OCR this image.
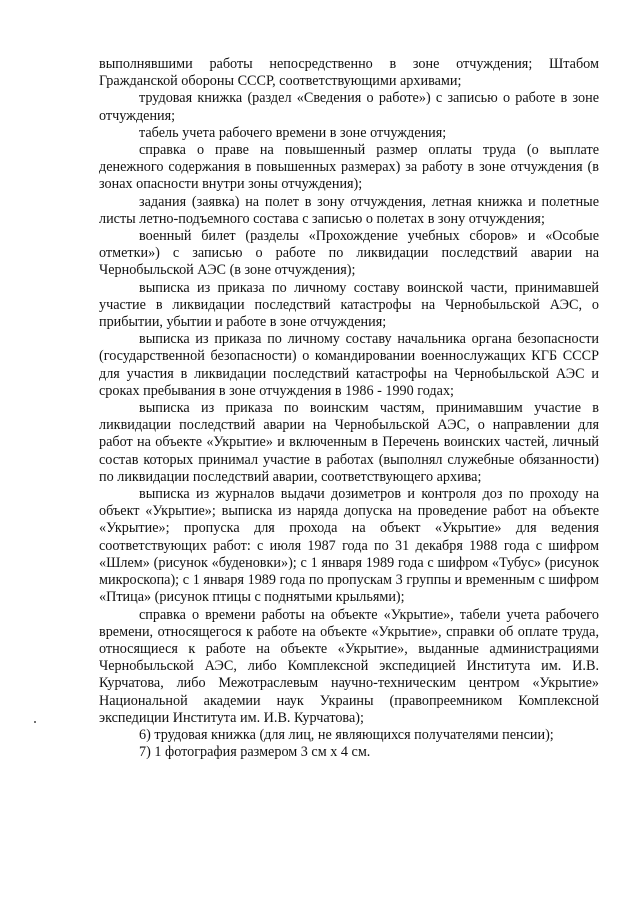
выполнявшими работы непосредственно в зоне отчуждения; Штабом Гражданской обороны СССР, соответствующими архивами;

трудовая книжка (раздел «Сведения о работе») с записью о работе в зоне отчуждения;

табель учета рабочего времени в зоне отчуждения;

справка о праве на повышенный размер оплаты труда (о выплате денежного содержания в повышенных размерах) за работу в зоне отчуждения (в зонах опасности внутри зоны отчуждения);

задания (заявка) на полет в зону отчуждения, летная книжка и полетные листы летно-подъемного состава с записью о полетах в зону отчуждения;

военный билет (разделы «Прохождение учебных сборов» и «Особые отметки») с записью о работе по ликвидации последствий аварии на Чернобыльской АЭС (в зоне отчуждения);

выписка из приказа по личному составу воинской части, принимавшей участие в ликвидации последствий катастрофы на Чернобыльской АЭС, о прибытии, убытии и работе в зоне отчуждения;

выписка из приказа по личному составу начальника органа безопасности (государственной безопасности) о командировании военнослужащих КГБ СССР для участия в ликвидации последствий катастрофы на Чернобыльской АЭС и сроках пребывания в зоне отчуждения в 1986 - 1990 годах;

выписка из приказа по воинским частям, принимавшим участие в ликвидации последствий аварии на Чернобыльской АЭС, о направлении для работ на объекте «Укрытие» и включенным в Перечень воинских частей, личный состав которых принимал участие в работах (выполнял служебные обязанности) по ликвидации последствий аварии, соответствующего архива;

выписка из журналов выдачи дозиметров и контроля доз по проходу на объект «Укрытие»; выписка из наряда допуска на проведение работ на объекте «Укрытие»; пропуска для прохода на объект «Укрытие» для ведения соответствующих работ: с июля 1987 года по 31 декабря 1988 года с шифром «Шлем» (рисунок «буденовки»); с 1 января 1989 года с шифром «Тубус» (рисунок микроскопа); с 1 января 1989 года по пропускам 3 группы и временным с шифром «Птица» (рисунок птицы с поднятыми крыльями);

справка о времени работы на объекте «Укрытие», табели учета рабочего времени, относящегося к работе на объекте «Укрытие», справки об оплате труда, относящиеся к работе на объекте «Укрытие», выданные администрациями Чернобыльской АЭС, либо Комплексной экспедицией Института им. И.В. Курчатова, либо Межотраслевым научно-техническим центром «Укрытие» Национальной академии наук Украины (правопреемником Комплексной экспедиции Института им. И.В. Курчатова);

6) трудовая книжка (для лиц, не являющихся получателями пенсии);

7) 1 фотография размером 3 см x 4 см.
